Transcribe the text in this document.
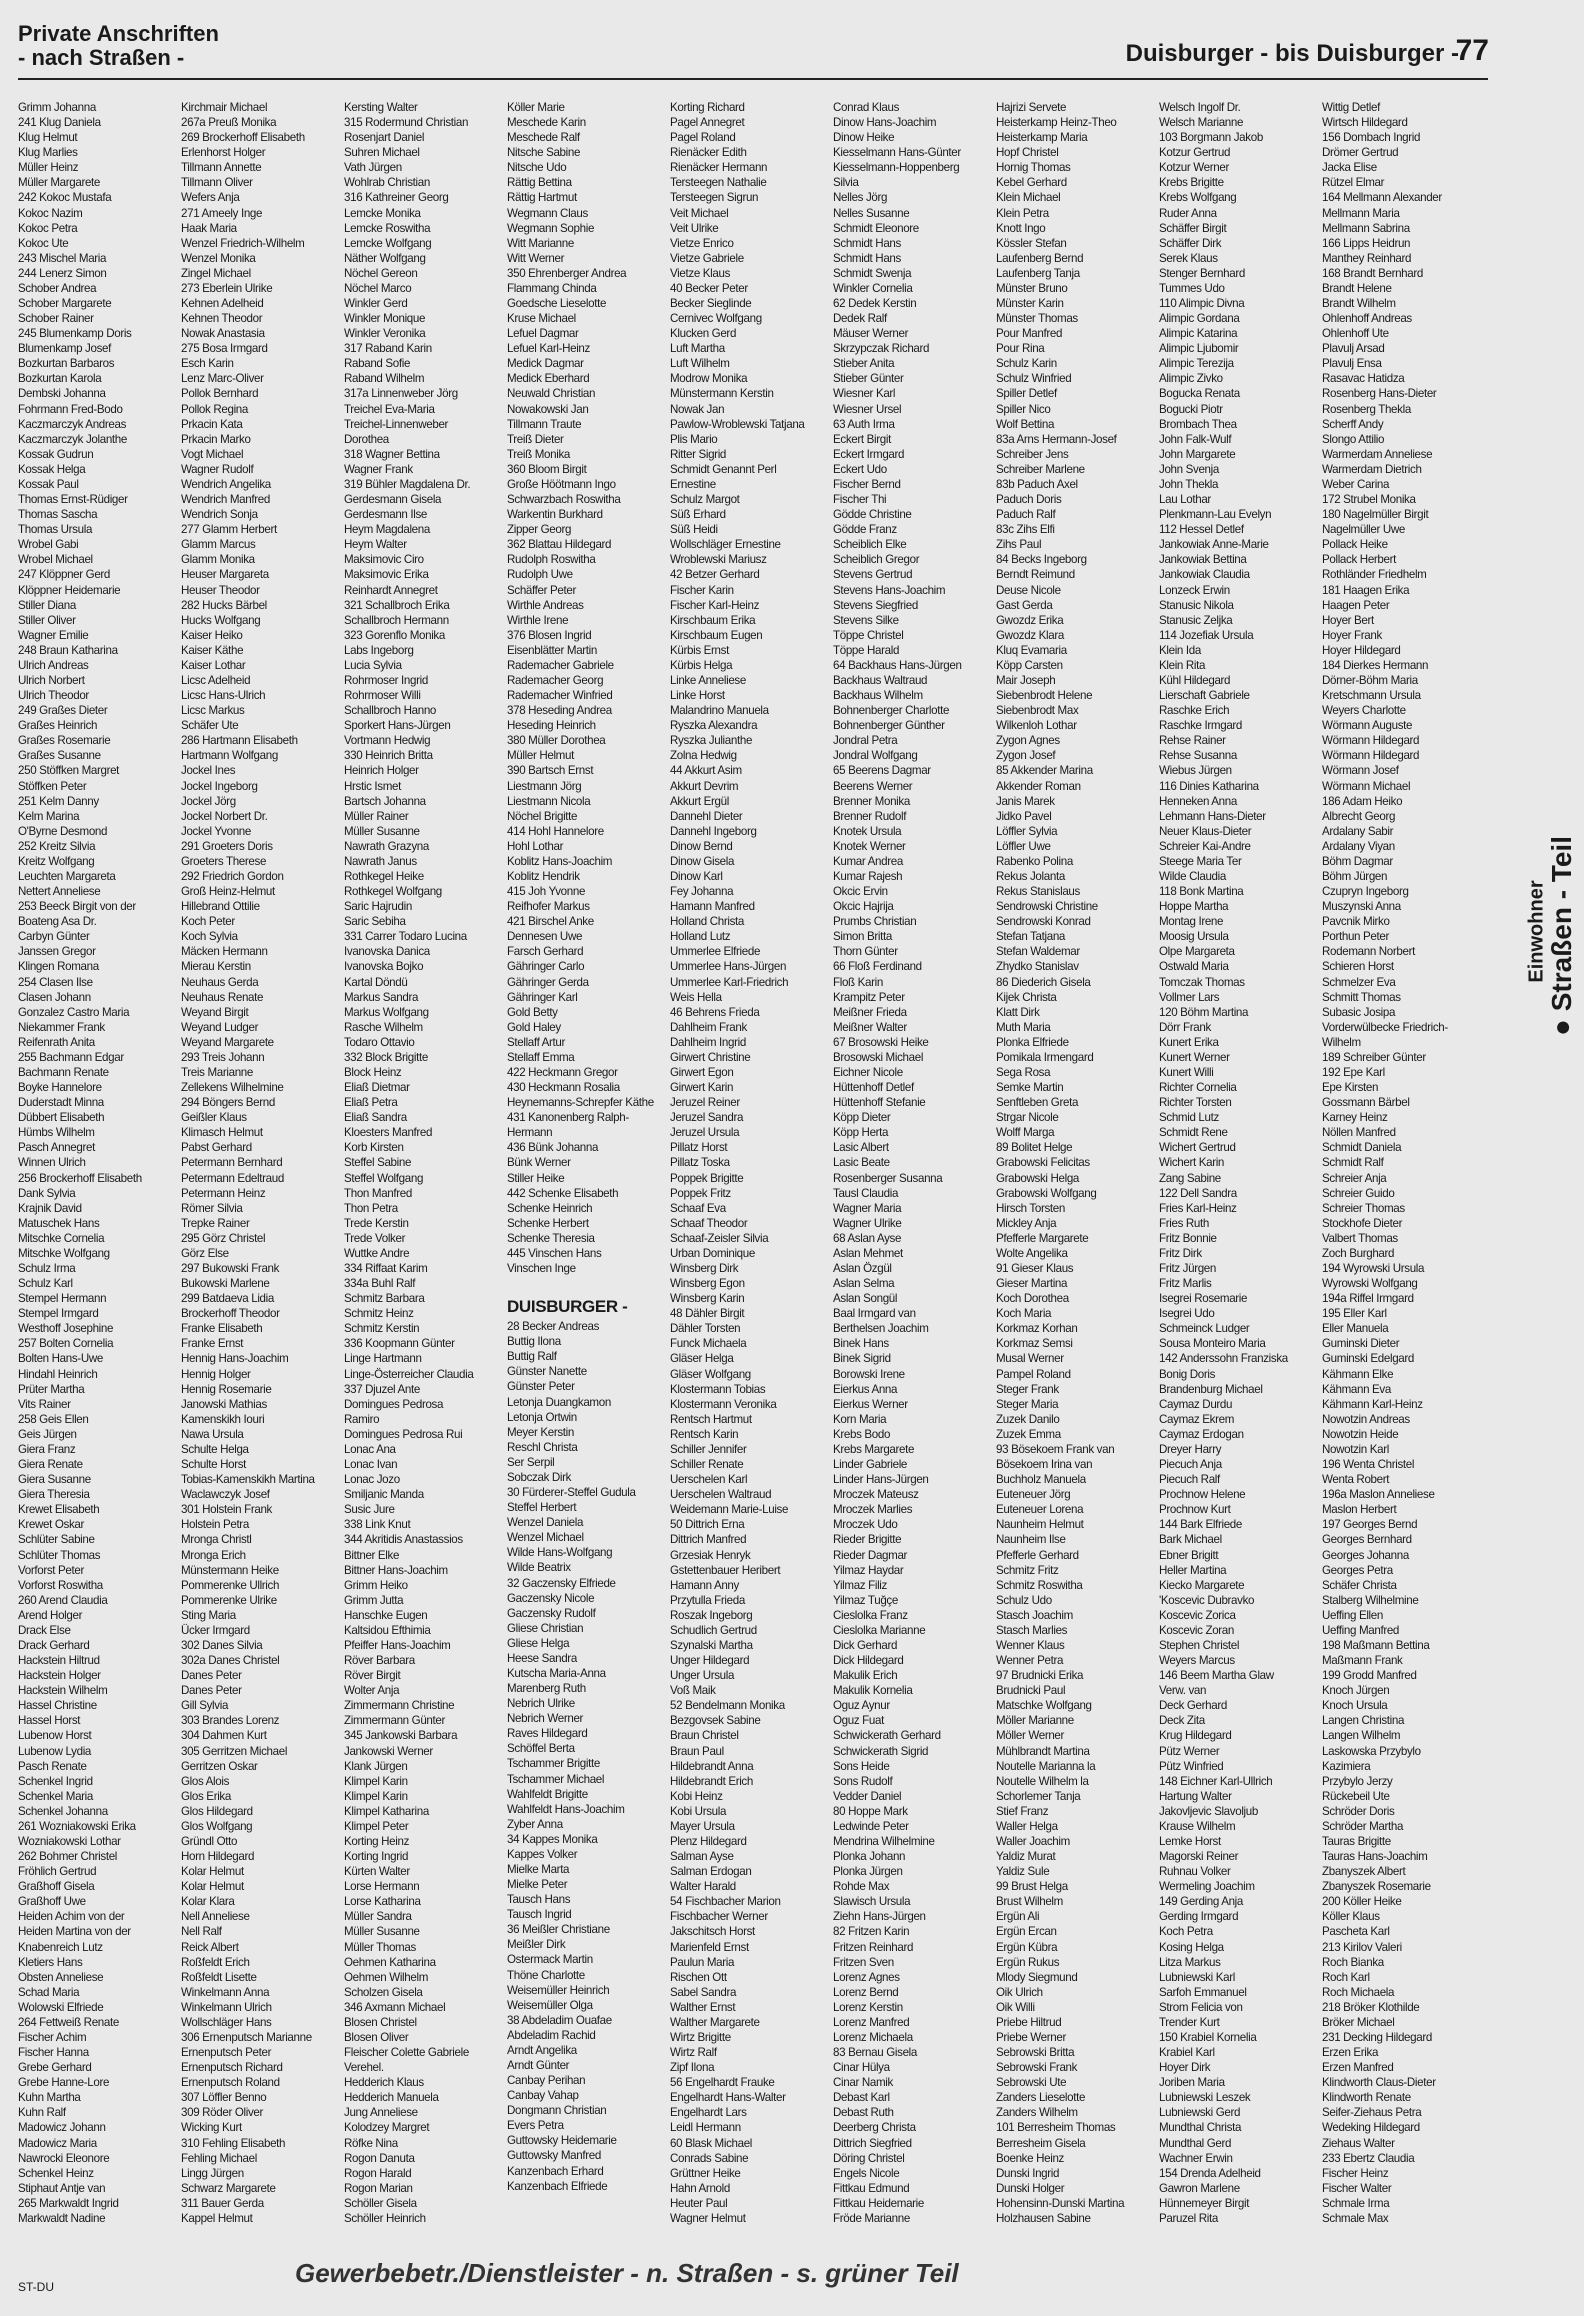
Private Anschriften
- nach Straßen -	Duisburger - bis Duisburger -
77
Grimm Johanna
241 Klug Daniela
Klug Helmut
Klug Marlies
Müller Heinz
Müller Margarete
242 Kokoc Mustafa
Kokoc Nazim
Kokoc Petra
Kokoc Ute
243 Mischel Maria
244 Lenerz Simon
Schober Andrea
Schober Margarete
Schober Rainer
245 Blumenkamp Doris
Blumenkamp Josef
Bozkurtan Barbaros
Bozkurtan Karola
Dembski Johanna
Fohrmann Fred-Bodo
Kaczmarczyk Andreas
Kaczmarczyk Jolanthe
Kossak Gudrun
Kossak Helga
Kossak Paul
Thomas Ernst-Rüdiger
Thomas Sascha
Thomas Ursula
Wrobel Gabi
Wrobel Michael
247 Klöppner Gerd
Klöppner Heidemarie
Stiller Diana
Stiller Oliver
Wagner Emilie
248 Braun Katharina
Ulrich Andreas
Ulrich Norbert
Ulrich Theodor
249 Graßes Dieter
Graßes Heinrich
Graßes Rosemarie
Graßes Susanne
250 Stöffken Margret
Stöffken Peter
251 Kelm Danny
Kelm Marina
O'Byrne Desmond
252 Kreitz Silvia
Kreitz Wolfgang
Leuchten Margareta
Nettert Anneliese
253 Beeck Birgit von der
Boateng Asa Dr.
Carbyn Günter
Janssen Gregor
Klingen Romana
254 Clasen Ilse
Clasen Johann
Gonzalez Castro Maria
Niekammer Frank
Reifenrath Anita
255 Bachmann Edgar
Bachmann Renate
Boyke Hannelore
Duderstadt Minna
Dübbert Elisabeth
Hümbs Wilhelm
Pasch Annegret
Winnen Ulrich
256 Brockerhoff Elisabeth
Dank Sylvia
Krajnik David
Matuschek Hans
Mitschke Cornelia
Mitschke Wolfgang
Schulz Irma
Schulz Karl
Stempel Hermann
Stempel Irmgard
Westhoff Josephine
257 Bolten Cornelia
Bolten Hans-Uwe
Hindahl Heinrich
Prüter Martha
Vits Rainer
258 Geis Ellen
Geis Jürgen
Giera Franz
Giera Renate
Giera Susanne
Giera Theresia
Krewet Elisabeth
Krewet Oskar
Schlüter Sabine
Schlüter Thomas
Vorforst Peter
Vorforst Roswitha
260 Arend Claudia
Arend Holger
Drack Else
Drack Gerhard
Hackstein Hiltrud
Hackstein Holger
Hackstein Wilhelm
Hassel Christine
Hassel Horst
Lubenow Horst
Lubenow Lydia
Pasch Renate
Schenkel Ingrid
Schenkel Maria
Schenkel Johanna
261 Wozniakowski Erika
Wozniakowski Lothar
262 Bohmer Christel
Fröhlich Gertrud
Graßhoff Gisela
Graßhoff Uwe
Heiden Achim von der
Heiden Martina von der
Knabenreich Lutz
Kletiers Hans
Obsten Anneliese
Schad Maria
Wolowski Elfriede
264 Fettweiß Renate
Fischer Achim
Fischer Hanna
Grebe Gerhard
Grebe Hanne-Lore
Kuhn Martha
Kuhn Ralf
Madowicz Johann
Madowicz Maria
Nawrocki Eleonore
Schenkel Heinz
Stiphaut Antje van
265 Markwaldt Ingrid
Markwaldt Nadine
Kirchmair Michael
267a Preuß Monika
269 Brockerhoff Elisabeth
Erlenhorst Holger
Tillmann Annette
Tillmann Oliver
Wefers Anja
271 Ameely Inge
Haak Maria
Wenzel Friedrich-Wilhelm
Wenzel Monika
Zingel Michael
273 Eberlein Ulrike
Kehnen Adelheid
Kehnen Theodor
Nowak Anastasia
275 Bosa Irmgard
Esch Karin
Lenz Marc-Oliver
Pollok Bernhard
Pollok Regina
Prkacin Kata
Prkacin Marko
Vogt Michael
Wagner Rudolf
Wendrich Angelika
Wendrich Manfred
Wendrich Sonja
277 Glamm Herbert
Glamm Marcus
Glamm Monika
Heuser Margareta
Heuser Theodor
282 Hucks Bärbel
Hucks Wolfgang
Kaiser Heiko
Kaiser Käthe
Kaiser Lothar
Licsc Adelheid
Licsc Hans-Ulrich
Licsc Markus
Schäfer Ute
286 Hartmann Elisabeth
Hartmann Wolfgang
Jockel Ines
Jockel Ingeborg
Jockel Jörg
Jockel Norbert Dr.
Jockel Yvonne
291 Groeters Doris
Groeters Therese
292 Friedrich Gordon
Groß Heinz-Helmut
Hillebrand Ottilie
Koch Peter
Koch Sylvia
Mäcken Hermann
Mierau Kerstin
Neuhaus Gerda
Neuhaus Renate
Weyand Birgit
Weyand Ludger
Weyand Margarete
293 Treis Johann
Treis Marianne
Zellekens Wilhelmine
294 Böngers Bernd
Geißler Klaus
Klimasch Helmut
Pabst Gerhard
Petermann Bernhard
Petermann Edeltraud
Petermann Heinz
Römer Silvia
Trepke Rainer
295 Görz Christel
Görz Else
297 Bukowski Frank
Bukowski Marlene
299 Batdaeva Lidia
Brockerhoff Theodor
Franke Elisabeth
Franke Ernst
Hennig Hans-Joachim
Hennig Holger
Hennig Rosemarie
Janowski Mathias
Kamenskikh Iouri
Nawa Ursula
Schulte Helga
Schulte Horst
Tobias-Kamenskikh Martina
Waclawczyk Josef
301 Holstein Frank
Holstein Petra
Mronga Christl
Mronga Erich
Münstermann Heike
Pommerenke Ullrich
Pommerenke Ulrike
Sting Maria
Ücker Irmgard
302 Danes Silvia
302a Danes Christel
Danes Peter
Danes Peter
Gill Sylvia
303 Brandes Lorenz
304 Dahmen Kurt
305 Gerritzen Michael
Gerritzen Oskar
Glos Alois
Glos Erika
Glos Hildegard
Glos Wolfgang
Gründl Otto
Horn Hildegard
Kolar Helmut
Kolar Helmut
Kolar Klara
Nell Anneliese
Nell Ralf
Reick Albert
Roßfeldt Erich
Roßfeldt Lisette
Winkelmann Anna
Winkelmann Ulrich
Wollschläger Hans
306 Ernenputsch Marianne
Ernenputsch Peter
Ernenputsch Richard
Ernenputsch Roland
307 Löffler Benno
309 Röder Oliver
Wicking Kurt
310 Fehling Elisabeth
Fehling Michael
Lingg Jürgen
Schwarz Margarete
311 Bauer Gerda
Kappel Helmut
Kersting Walter
315 Rodermund Christian
Rosenjart Daniel
Suhren Michael
Vath Jürgen
Wohlrab Christian
316 Kathreiner Georg
Lemcke Monika
Lemcke Roswitha
Lemcke Wolfgang
Näther Wolfgang
Nöchel Gereon
Nöchel Marco
Winkler Gerd
Winkler Monique
Winkler Veronika
317 Raband Karin
Raband Sofie
Raband Wilhelm
317a Linnenweber Jörg
Treichel Eva-Maria
Treichel-Linnenweber
Dorothea
318 Wagner Bettina
Wagner Frank
319 Bühler Magdalena Dr.
Gerdesmann Gisela
Gerdesmann Ilse
Heym Magdalena
Heym Walter
Maksimovic Ciro
Maksimovic Erika
Reinhardt Annegret
321 Schallbroch Erika
Schallbroch Hermann
323 Gorenflo Monika
Labs Ingeborg
Lucia Sylvia
Rohrmoser Ingrid
Rohrmoser Willi
Schallbroch Hanno
Sporkert Hans-Jürgen
Vortmann Hedwig
330 Heinrich Britta
Heinrich Holger
Hrstic Ismet
Bartsch Johanna
Müller Rainer
Müller Susanne
Nawrath Grazyna
Nawrath Janus
Rothkegel Heike
Rothkegel Wolfgang
Saric Hajrudin
Saric Sebiha
331 Carrer Todaro Lucina
Ivanovska Danica
Ivanovska Bojko
Kartal Döndü
Markus Sandra
Markus Wolfgang
Rasche Wilhelm
Todaro Ottavio
332 Block Brigitte
Block Heinz
Eliaß Dietmar
Eliaß Petra
Eliaß Sandra
Kloesters Manfred
Korb Kirsten
Steffel Sabine
Steffel Wolfgang
Thon Manfred
Thon Petra
Trede Kerstin
Trede Volker
Wuttke Andre
334 Riffaat Karim
334a Buhl Ralf
Schmitz Barbara
Schmitz Heinz
Schmitz Kerstin
336 Koopmann Günter
Linge Hartmann
Linge-Österreicher Claudia
337 Djuzel Ante
Domingues Pedrosa
Ramiro
Domingues Pedrosa Rui
Lonac Ana
Lonac Ivan
Lonac Jozo
Smiljanic Manda
Susic Jure
338 Link Knut
344 Akritidis Anastassios
Bittner Elke
Bittner Hans-Joachim
Grimm Heiko
Grimm Jutta
Hanschke Eugen
Kaltsidou Efthimia
Pfeiffer Hans-Joachim
Röver Barbara
Röver Birgit
Wolter Anja
Zimmermann Christine
Zimmermann Günter
345 Jankowski Barbara
Jankowski Werner
Klank Jürgen
Klimpel Karin
Klimpel Karin
Klimpel Katharina
Klimpel Peter
Korting Heinz
Korting Ingrid
Kürten Walter
Lorse Hermann
Lorse Katharina
Müller Sandra
Müller Susanne
Müller Thomas
Oehmen Katharina
Oehmen Wilhelm
Scholzen Gisela
346 Axmann Michael
Blosen Christel
Blosen Oliver
Fleischer Colette Gabriele
Verehel.
Hedderich Klaus
Hedderich Manuela
Jung Anneliese
Kolodzey Margret
Röfke Nina
Rogon Danuta
Rogon Harald
Rogon Marian
Schöller Gisela
Schöller Heinrich
Köller Marie
Meschede Karin
Meschede Ralf
Nitsche Sabine
Nitsche Udo
Rättig Bettina
Rättig Hartmut
Wegmann Claus
Wegmann Sophie
Witt Marianne
Witt Werner
350 Ehrenberger Andrea
Flammang Chinda
Goedsche Lieselotte
Kruse Michael
Lefuel Dagmar
Lefuel Karl-Heinz
Medick Dagmar
Medick Eberhard
Neuwald Christian
Nowakowski Jan
Tillmann Traute
Treiß Dieter
Treiß Monika
360 Bloom Birgit
Große Höötmann Ingo
Schwarzbach Roswitha
Warkentin Burkhard
Zipper Georg
362 Blattau Hildegard
Rudolph Roswitha
Rudolph Uwe
Schäffer Peter
Wirthle Andreas
Wirthle Irene
376 Blosen Ingrid
Eisenblätter Martin
Rademacher Gabriele
Rademacher Georg
Rademacher Winfried
378 Heseding Andrea
Heseding Heinrich
380 Müller Dorothea
Müller Helmut
390 Bartsch Ernst
Liestmann Jörg
Liestmann Nicola
Nöchel Brigitte
414 Hohl Hannelore
Hohl Lothar
Koblitz Hans-Joachim
Koblitz Hendrik
415 Joh Yvonne
Reifhofer Markus
421 Birschel Anke
Dennesen Uwe
Farsch Gerhard
Gähringer Carlo
Gähringer Gerda
Gähringer Karl
Gold Betty
Gold Haley
Stellaff Artur
Stellaff Emma
422 Heckmann Gregor
430 Heckmann Rosalia
Heynemanns-Schrepfer Käthe
431 Kanonenberg Ralph-
Hermann
436 Bünk Johanna
Bünk Werner
Stiller Heike
442 Schenke Elisabeth
Schenke Heinrich
Schenke Herbert
Schenke Theresia
445 Vinschen Hans
Vinschen Inge
DUISBURGER -
28 Becker Andreas
Buttig Ilona
Buttig Ralf
Günster Nanette
Günster Peter
Letonja Duangkamon
Letonja Ortwin
Meyer Kerstin
Reschl Christa
Ser Serpil
Sobczak Dirk
30 Fürderer-Steffel Gudula
Steffel Herbert
Wenzel Daniela
Wenzel Michael
Wilde Hans-Wolfgang
Wilde Beatrix
32 Gaczensky Elfriede
Gaczensky Nicole
Gaczensky Rudolf
Gliese Christian
Gliese Helga
Heese Sandra
Kutscha Maria-Anna
Marenberg Ruth
Nebrich Ulrike
Nebrich Werner
Raves Hildegard
Schöffel Berta
Tschammer Brigitte
Tschammer Michael
Wahlfeldt Brigitte
Wahlfeldt Hans-Joachim
Zyber Anna
34 Kappes Monika
Kappes Volker
Mielke Marta
Mielke Peter
Tausch Hans
Tausch Ingrid
36 Meißler Christiane
Meißler Dirk
Ostermack Martin
Thöne Charlotte
Weisemüller Heinrich
Weisemüller Olga
38 Abdeladim Ouafae
Abdeladim Rachid
Arndt Angelika
Arndt Günter
Canbay Perihan
Canbay Vahap
Dongmann Christian
Evers Petra
Guttowsky Heidemarie
Guttowsky Manfred
Kanzenbach Erhard
Kanzenbach Elfriede
Korting Richard
Pagel Annegret
Pagel Roland
Rienäcker Edith
Rienäcker Hermann
Tersteegen Nathalie
Tersteegen Sigrun
Veit Michael
Veit Ulrike
Vietze Enrico
Vietze Gabriele
Vietze Klaus
40 Becker Peter
Becker Sieglinde
Cernivec Wolfgang
Klucken Gerd
Luft Martha
Luft Wilhelm
Modrow Monika
Münstermann Kerstin
Nowak Jan
Pawlow-Wroblewski Tatjana
Plis Mario
Ritter Sigrid
Schmidt Genannt Perl
Ernestine
Schulz Margot
Süß Erhard
Süß Heidi
Wollschläger Ernestine
Wroblewski Mariusz
42 Betzer Gerhard
Fischer Karin
Fischer Karl-Heinz
Kirschbaum Erika
Kirschbaum Eugen
Kürbis Ernst
Kürbis Helga
Linke Anneliese
Linke Horst
Malandrino Manuela
Ryszka Alexandra
Ryszka Julianthe
Zolna Hedwig
44 Akkurt Asim
Akkurt Devrim
Akkurt Ergül
Dannehl Dieter
Dannehl Ingeborg
Dinow Bernd
Dinow Gisela
Dinow Karl
Fey Johanna
Hamann Manfred
Holland Christa
Holland Lutz
Ummerlee Elfriede
Ummerlee Hans-Jürgen
Ummerlee Karl-Friedrich
Weis Hella
46 Behrens Frieda
Dahlheim Frank
Dahlheim Ingrid
Girwert Christine
Girwert Egon
Girwert Karin
Jeruzel Reiner
Jeruzel Sandra
Jeruzel Ursula
Pillatz Horst
Pillatz Toska
Poppek Brigitte
Poppek Fritz
Schaaf Eva
Schaaf Theodor
Schaaf-Zeisler Silvia
Urban Dominique
Winsberg Dirk
Winsberg Egon
Winsberg Karin
48 Dähler Birgit
Dähler Torsten
Funck Michaela
Gläser Helga
Gläser Wolfgang
Klostermann Tobias
Klostermann Veronika
Rentsch Hartmut
Rentsch Karin
Schiller Jennifer
Schiller Renate
Uerschelen Karl
Uerschelen Waltraud
Weidemann Marie-Luise
50 Dittrich Erna
Dittrich Manfred
Grzesiak Henryk
Gstettenbauer Heribert
Hamann Anny
Przytulla Frieda
Roszak Ingeborg
Schudlich Gertrud
Szynalski Martha
Unger Hildegard
Unger Ursula
Voß Maik
52 Bendelmann Monika
Bezgovsek Sabine
Braun Christel
Braun Paul
Hildebrandt Anna
Hildebrandt Erich
Kobi Heinz
Kobi Ursula
Mayer Ursula
Plenz Hildegard
Salman Ayse
Salman Erdogan
Walter Harald
54 Fischbacher Marion
Fischbacher Werner
Jakschitsch Horst
Marienfeld Ernst
Paulun Maria
Rischen Ott
Sabel Sandra
Walther Ernst
Walther Margarete
Wirtz Brigitte
Wirtz Ralf
Zipf Ilona
56 Engelhardt Frauke
Engelhardt Hans-Walter
Engelhardt Lars
Leidl Hermann
60 Blask Michael
Conrads Sabine
Grüttner Heike
Hahn Arnold
Heuter Paul
Wagner Helmut
Conrad Klaus
Dinow Hans-Joachim
Dinow Heike
Kiesselmann Hans-Günter
Kiesselmann-Hoppenberg
Silvia
Nelles Jörg
Nelles Susanne
Schmidt Eleonore
Schmidt Hans
Schmidt Hans
Schmidt Swenja
Winkler Cornelia
62 Dedek Kerstin
Dedek Ralf
Mäuser Werner
Skrzypczak Richard
Stieber Anita
Stieber Günter
Wiesner Karl
Wiesner Ursel
63 Auth Irma
Eckert Birgit
Eckert Irmgard
Eckert Udo
Fischer Bernd
Fischer Thi
Gödde Christine
Gödde Franz
Scheiblich Elke
Scheiblich Gregor
Stevens Gertrud
Stevens Hans-Joachim
Stevens Siegfried
Stevens Silke
Töppe Christel
Töppe Harald
64 Backhaus Hans-Jürgen
Backhaus Waltraud
Backhaus Wilhelm
Bohnenberger Charlotte
Bohnenberger Günther
Jondral Petra
Jondral Wolfgang
65 Beerens Dagmar
Beerens Werner
Brenner Monika
Brenner Rudolf
Knotek Ursula
Knotek Werner
Kumar Andrea
Kumar Rajesh
Okcic Ervin
Okcic Hajrija
Prumbs Christian
Simon Britta
Thorn Günter
66 Floß Ferdinand
Floß Karin
Krampitz Peter
Meißner Frieda
Meißner Walter
67 Brosowski Heike
Brosowski Michael
Eichner Nicole
Hüttenhoff Detlef
Hüttenhoff Stefanie
Köpp Dieter
Köpp Herta
Lasic Albert
Lasic Beate
Rosenberger Susanna
Tausl Claudia
Wagner Maria
Wagner Ulrike
68 Aslan Ayse
Aslan Mehmet
Aslan Özgül
Aslan Selma
Aslan Songül
Baal Irmgard van
Berthelsen Joachim
Binek Hans
Binek Sigrid
Borowski Irene
Eierkus Anna
Eierkus Werner
Korn Maria
Krebs Bodo
Krebs Margarete
Linder Gabriele
Linder Hans-Jürgen
Mroczek Mateusz
Mroczek Marlies
Mroczek Udo
Rieder Brigitte
Rieder Dagmar
Yilmaz Haydar
Yilmaz Filiz
Yilmaz Tuğçe
Cieslolka Franz
Cieslolka Marianne
Dick Gerhard
Dick Hildegard
Makulik Erich
Makulik Kornelia
Oguz Aynur
Oguz Fuat
Schwickerath Gerhard
Schwickerath Sigrid
Sons Heide
Sons Rudolf
Vedder Daniel
80 Hoppe Mark
Ledwinde Peter
Mendrina Wilhelmine
Plonka Johann
Plonka Jürgen
Rohde Max
Slawisch Ursula
Ziehn Hans-Jürgen
82 Fritzen Karin
Fritzen Reinhard
Fritzen Sven
Lorenz Agnes
Lorenz Bernd
Lorenz Kerstin
Lorenz Manfred
Lorenz Michaela
83 Bernau Gisela
Cinar Hülya
Cinar Namik
Debast Karl
Debast Ruth
Deerberg Christa
Dittrich Siegfried
Döring Christel
Engels Nicole
Fittkau Edmund
Fittkau Heidemarie
Fröde Marianne
Hajrizi Servete
Heisterkamp Heinz-Theo
Heisterkamp Maria
Hopf Christel
Hornig Thomas
Kebel Gerhard
Klein Michael
Klein Petra
Knott Ingo
Kössler Stefan
Laufenberg Bernd
Laufenberg Tanja
Münster Bruno
Münster Karin
Münster Thomas
Pour Manfred
Pour Rina
Schulz Karin
Schulz Winfried
Spiller Detlef
Spiller Nico
Wolf Bettina
83a Arns Hermann-Josef
Schreiber Jens
Schreiber Marlene
83b Paduch Axel
Paduch Doris
Paduch Ralf
83c Zihs Elfi
Zihs Paul
84 Becks Ingeborg
Berndt Reimund
Deuse Nicole
Gast Gerda
Gwozdz Erika
Gwozdz Klara
Kluq Evamaria
Köpp Carsten
Mair Joseph
Siebenbrodt Helene
Siebenbrodt Max
Wilkenloh Lothar
Zygon Agnes
Zygon Josef
85 Akkender Marina
Akkender Roman
Janis Marek
Jidko Pavel
Löffler Sylvia
Löffler Uwe
Rabenko Polina
Rekus Jolanta
Rekus Stanislaus
Sendrowski Christine
Sendrowski Konrad
Stefan Tatjana
Stefan Waldemar
Zhydko Stanislav
86 Diederich Gisela
Kijek Christa
Klatt Dirk
Muth Maria
Plonka Elfriede
Pomikala Irmengard
Sega Rosa
Semke Martin
Senftleben Greta
Strgar Nicole
Wolff Marga
89 Bolitet Helge
Grabowski Felicitas
Grabowski Helga
Grabowski Wolfgang
Hirsch Torsten
Mickley Anja
Pfefferle Margarete
Wolte Angelika
91 Gieser Klaus
Gieser Martina
Koch Dorothea
Koch Maria
Korkmaz Korhan
Korkmaz Semsi
Musal Werner
Pampel Roland
Steger Frank
Steger Maria
Zuzek Danilo
Zuzek Emma
93 Bösekoem Frank van
Bösekoem Irina van
Buchholz Manuela
Euteneuer Jörg
Euteneuer Lorena
Naunheim Helmut
Naunheim Ilse
Pfefferle Gerhard
Schmitz Fritz
Schmitz Roswitha
Schulz Udo
Stasch Joachim
Stasch Marlies
Wenner Klaus
Wenner Petra
97 Brudnicki Erika
Brudnicki Paul
Matschke Wolfgang
Möller Marianne
Möller Werner
Mühlbrandt Martina
Noutelle Marianna la
Noutelle Wilhelm la
Schorlemer Tanja
Stief Franz
Waller Helga
Waller Joachim
Yaldiz Murat
Yaldiz Sule
99 Brust Helga
Brust Wilhelm
Ergün Ali
Ergün Ercan
Ergün Kübra
Ergün Rukus
Mlody Siegmund
Oik Ulrich
Oik Willi
Priebe Hiltrud
Priebe Werner
Sebrowski Britta
Sebrowski Frank
Sebrowski Ute
Zanders Lieselotte
Zanders Wilhelm
101 Berresheim Thomas
Berresheim Gisela
Boenke Heinz
Dunski Ingrid
Dunski Holger
Hohensinn-Dunski Martina
Holzhausen Sabine
Welsch Ingolf Dr.
Welsch Marianne
103 Borgmann Jakob
Kotzur Gertrud
Kotzur Werner
Krebs Brigitte
Krebs Wolfgang
Ruder Anna
Schäffer Birgit
Schäffer Dirk
Serek Klaus
Stenger Bernhard
Tummes Udo
110 Alimpic Divna
Alimpic Gordana
Alimpic Katarina
Alimpic Ljubomir
Alimpic Terezija
Alimpic Zivko
Bogucka Renata
Bogucki Piotr
Brombach Thea
John Falk-Wulf
John Margarete
John Svenja
John Thekla
Lau Lothar
Plenkmann-Lau Evelyn
112 Hessel Detlef
Jankowiak Anne-Marie
Jankowiak Bettina
Jankowiak Claudia
Lonzeck Erwin
Stanusic Nikola
Stanusic Zeljka
114 Jozefiak Ursula
Klein Ida
Klein Rita
Kühl Hildegard
Lierschaft Gabriele
Raschke Erich
Raschke Irmgard
Rehse Rainer
Rehse Susanna
Wiebus Jürgen
116 Dinies Katharina
Henneken Anna
Lehmann Hans-Dieter
Neuer Klaus-Dieter
Schreier Kai-Andre
Steege Maria Ter
Wilde Claudia
118 Bonk Martina
Hoppe Martha
Montag Irene
Moosig Ursula
Olpe Margareta
Ostwald Maria
Tomczak Thomas
Vollmer Lars
120 Böhm Martina
Dörr Frank
Kunert Erika
Kunert Werner
Kunert Willi
Richter Cornelia
Richter Torsten
Schmid Lutz
Schmidt Rene
Wichert Gertrud
Wichert Karin
Zang Sabine
122 Dell Sandra
Fries Karl-Heinz
Fries Ruth
Fritz Bonnie
Fritz Dirk
Fritz Jürgen
Fritz Marlis
Isegrei Rosemarie
Isegrei Udo
Schmeinck Ludger
Sousa Monteiro Maria
142 Anderssohn Franziska
Bonig Doris
Brandenburg Michael
Caymaz Durdu
Caymaz Ekrem
Caymaz Erdogan
Dreyer Harry
Piecuch Anja
Piecuch Ralf
Prochnow Helene
Prochnow Kurt
144 Bark Elfriede
Bark Michael
Ebner Brigitt
Heller Martina
Kiecko Margarete
'Koscevic Dubravko
Koscevic Zorica
Koscevic Zoran
Stephen Christel
Weyers Marcus
146 Beem Martha Glaw
Verw. van
Deck Gerhard
Deck Zita
Krug Hildegard
Pütz Werner
Pütz Winfried
148 Eichner Karl-Ullrich
Hartung Walter
Jakovljevic Slavoljub
Krause Wilhelm
Lemke Horst
Magorski Reiner
Ruhnau Volker
Wermeling Joachim
149 Gerding Anja
Gerding Irmgard
Koch Petra
Kosing Helga
Litza Markus
Lubniewski Karl
Sarfoh Emmanuel
Strom Felicia von
Trender Kurt
150 Krabiel Kornelia
Krabiel Karl
Hoyer Dirk
Joriben Maria
Lubniewski Leszek
Lubniewski Gerd
Mundthal Christa
Mundthal Gerd
Wachner Erwin
154 Drenda Adelheid
Gawron Marlene
Hünnemeyer Birgit
Paruzel Rita
Wittig Detlef
Wirtsch Hildegard
156 Dombach Ingrid
Drömer Gertrud
Jacka Elise
Rützel Elmar
164 Mellmann Alexander
Mellmann Maria
Mellmann Sabrina
166 Lipps Heidrun
Manthey Reinhard
168 Brandt Bernhard
Brandt Helene
Brandt Wilhelm
Ohlenhoff Andreas
Ohlenhoff Ute
Plavulj Arsad
Plavulj Ensa
Rasavac Hatidza
Rosenberg Hans-Dieter
Rosenberg Thekla
Scherff Andy
Slongo Attilio
Warmerdam Anneliese
Warmerdam Dietrich
Weber Carina
172 Strubel Monika
180 Nagelmüller Birgit
Nagelmüller Uwe
Pollack Heike
Pollack Herbert
Rothländer Friedhelm
181 Haagen Erika
Haagen Peter
Hoyer Bert
Hoyer Frank
Hoyer Hildegard
184 Dierkes Hermann
Dörner-Böhm Maria
Kretschmann Ursula
Weyers Charlotte
Wörmann Auguste
Wörmann Hildegard
Wörmann Hildegard
Wörmann Josef
Wörmann Michael
186 Adam Heiko
Albrecht Georg
Ardalany Sabir
Ardalany Viyan
Böhm Dagmar
Böhm Jürgen
Czupryn Ingeborg
Muszynski Anna
Pavcnik Mirko
Porthun Peter
Rodemann Norbert
Schieren Horst
Schmelzer Eva
Schmitt Thomas
Subasic Josipa
Vorderwülbecke Friedrich-
Wilhelm
189 Schreiber Günter
192 Epe Karl
Epe Kirsten
Gossmann Bärbel
Karney Heinz
Nöllen Manfred
Schmidt Daniela
Schmidt Ralf
Schreier Anja
Schreier Guido
Schreier Thomas
Stockhofe Dieter
Valbert Thomas
Zoch Burghard
194 Wyrowski Ursula
Wyrowski Wolfgang
194a Riffel Irmgard
195 Eller Karl
Eller Manuela
Guminski Dieter
Guminski Edelgard
Kähmann Elke
Kähmann Eva
Kähmann Karl-Heinz
Nowotzin Andreas
Nowotzin Heide
Nowotzin Karl
196 Wenta Christel
Wenta Robert
196a Maslon Anneliese
Maslon Herbert
197 Georges Bernd
Georges Bernhard
Georges Johanna
Georges Petra
Schäfer Christa
Stalberg Wilhelmine
Ueffing Ellen
Ueffing Manfred
198 Maßmann Bettina
Maßmann Frank
199 Grodd Manfred
Knoch Jürgen
Knoch Ursula
Langen Christina
Langen Wilhelm
Laskowska Przybylo
Kazimiera
Przybylo Jerzy
Rückebeil Ute
Schröder Doris
Schröder Martha
Tauras Brigitte
Tauras Hans-Joachim
Zbanyszek Albert
Zbanyszek Rosemarie
200 Köller Heike
Köller Klaus
Pascheta Karl
213 Kirilov Valeri
Roch Bianka
Roch Karl
Roch Michaela
218 Bröker Klothilde
Bröker Michael
231 Decking Hildegard
Erzen Erika
Erzen Manfred
Klindworth Claus-Dieter
Klindworth Renate
Seifer-Ziehaus Petra
Wedeking Hildegard
Ziehaus Walter
233 Ebertz Claudia
Fischer Heinz
Fischer Walter
Schmale Irma
Schmale Max
Einwohner
● Straßen - Teil
ST-DU	Gewerbebetr./Dienstleister - n. Straßen - s. grüner Teil
